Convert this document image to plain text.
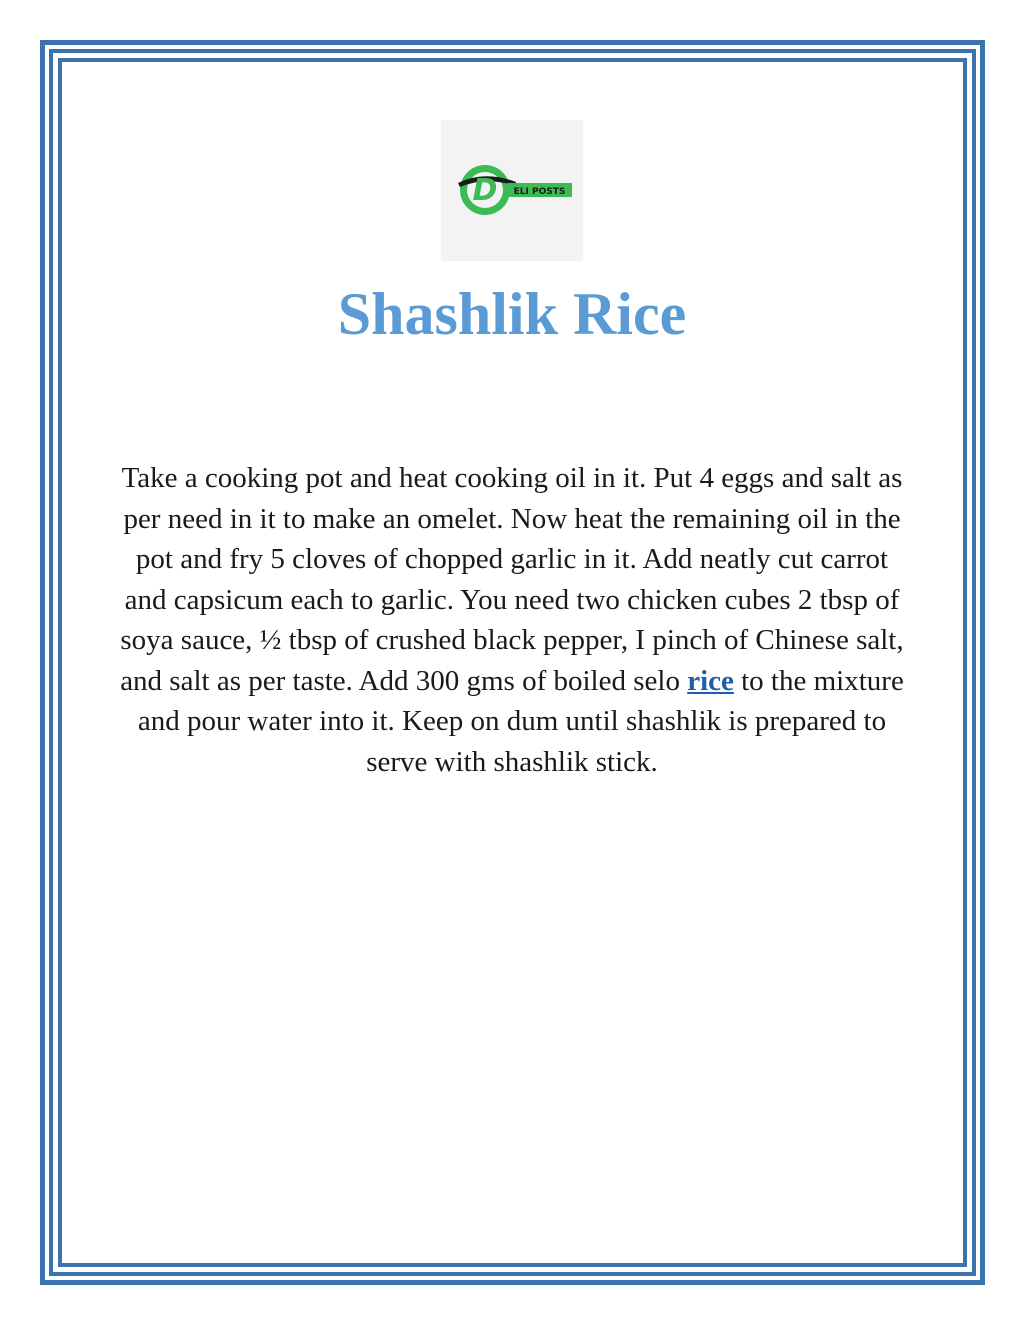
D ELI POSTS
Shashlik Rice

Take a cooking pot and heat cooking oil in it. Put 4 eggs and salt as per need in it to make an omelet. Now heat the remaining oil in the pot and fry 5 cloves of chopped garlic in it. Add neatly cut carrot and capsicum each to garlic. You need two chicken cubes 2 tbsp of soya sauce, ½ tbsp of crushed black pepper, I pinch of Chinese salt, and salt as per taste. Add 300 gms of boiled selo rice to the mixture and pour water into it. Keep on dum until shashlik is prepared to serve with shashlik stick.
